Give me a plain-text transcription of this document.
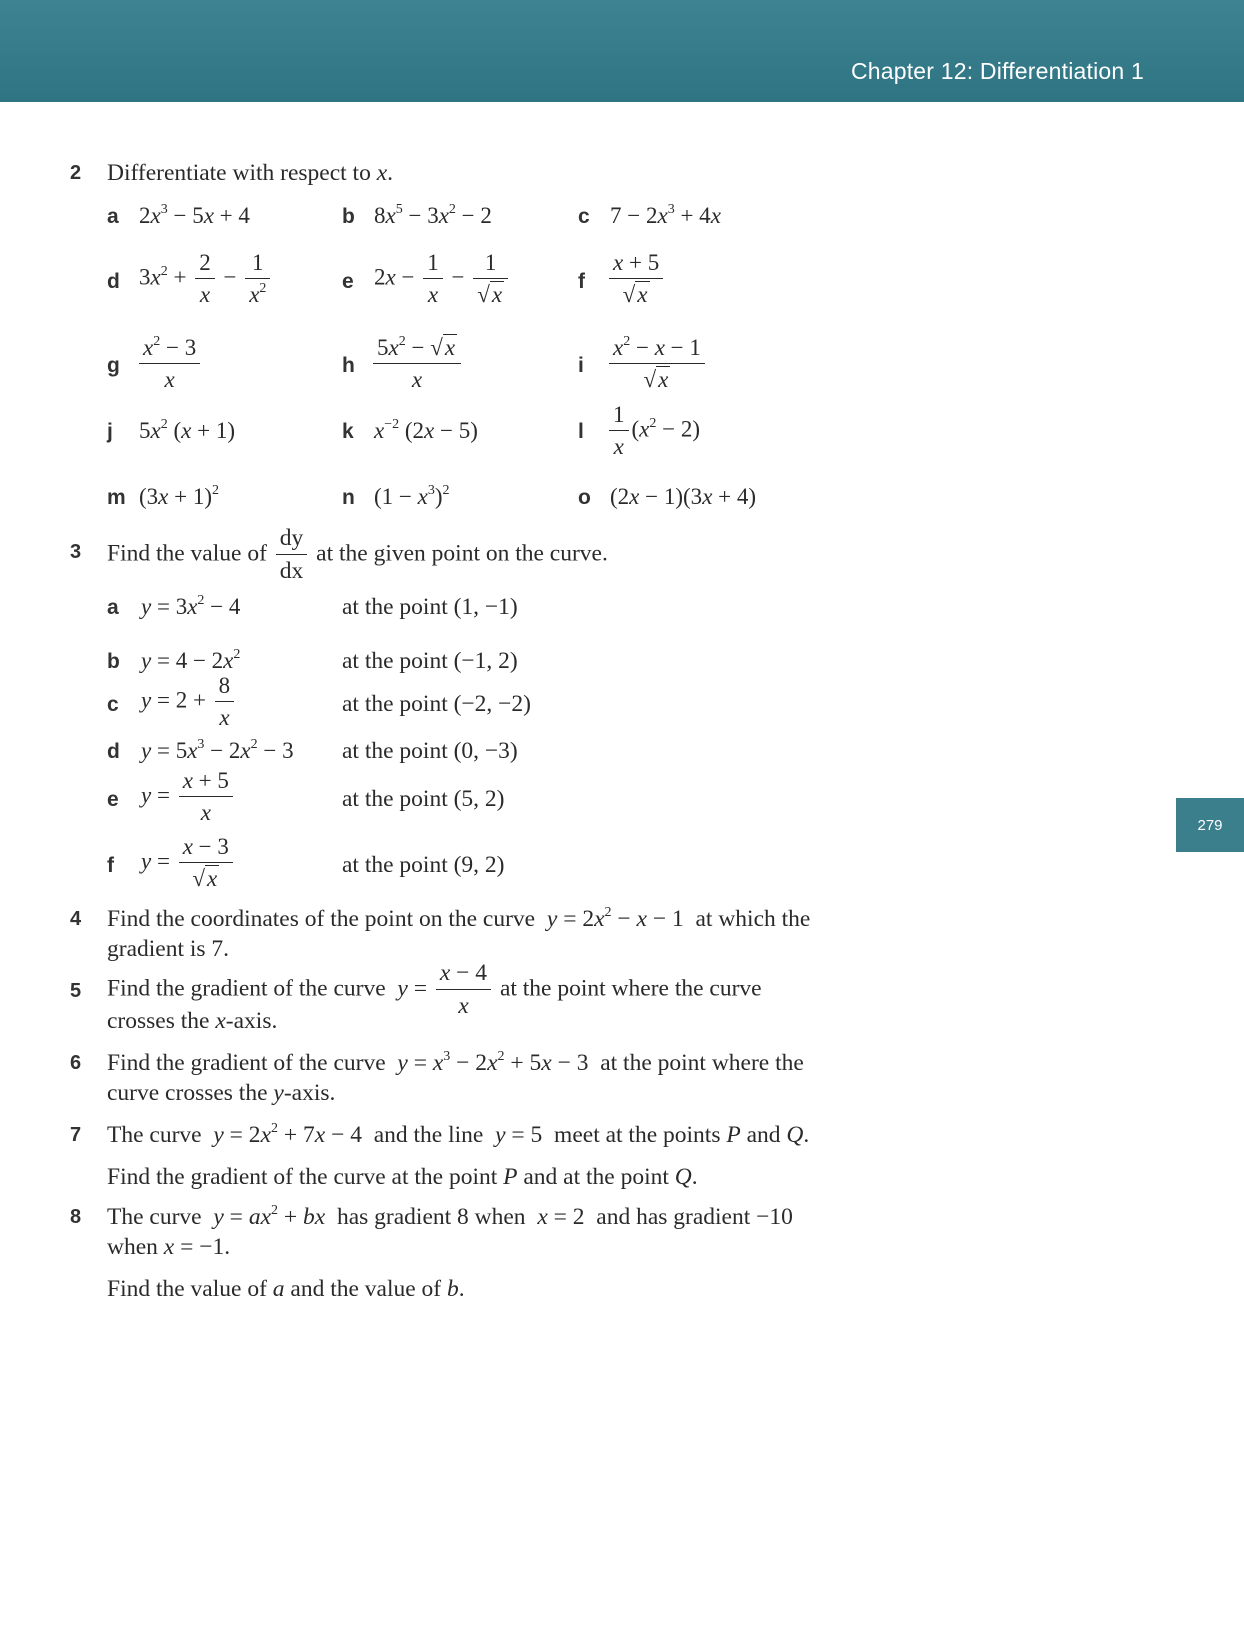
Chapter 12: Differentiation 1
279
2 Differentiate with respect to x.
a $2x^3 - 5x + 4$	b $8x^5 - 3x^2 - 2$	c $7 - 2x^3 + 4x$
d $3x^2 + \frac{2}{x} - \frac{1}{x^2}$	e $2x - \frac{1}{x} - \frac{1}{√x}$	f $\frac{x + 5}{√x}$
g $\frac{x^2 - 3}{x}$	h $\frac{5x^2 - √x}{x}$	i $\frac{x^2 - x - 1}{√x}$
j $5x^2$ (x + 1)	k $x^{-2}$ (2x − 5)	l $\frac{1}{x} (x^2 - 2)$
m $(3x + 1)^2$	n $(1 - x^3)^2$	o (2x − 1)(3x + 4)
3 Find the value of $\frac{dy}{dx}$ at the given point on the curve.
a $y = 3x^2 - 4$	at the point (1, −1)
b $y = 4 - 2x^2$	at the point (−1, 2)
c $y = 2 + \frac{8}{x}$	at the point (−2, −2)
d $y = 5x^3 - 2x^2 - 3$ at the point (0, −3)
e $y = \frac{x + 5}{x}$	at the point (5, 2)
f $y = \frac{x - 3}{√x}$	at the point (9, 2)
4 Find the coordinates of the point on the curve $y = 2x^2 - x - 1$  at which the
gradient is 7.
5 Find the gradient of the curve $y = \frac{x - 4}{x}$ at the point where the curve
crosses the x-axis.
6 Find the gradient of the curve $y = x^3 - 2x^2 + 5x - 3$  at the point where the
curve crosses the y-axis.
7 The curve $y = 2x^2 + 7x - 4$  and the line y = 5  meet at the points P and Q.
Find the gradient of the curve at the point P and at the point Q.
8 The curve $y = ax^2$ + bx has gradient 8 when x = 2  and has gradient −10
when x = −1.
Find the value of a and the value of b.
